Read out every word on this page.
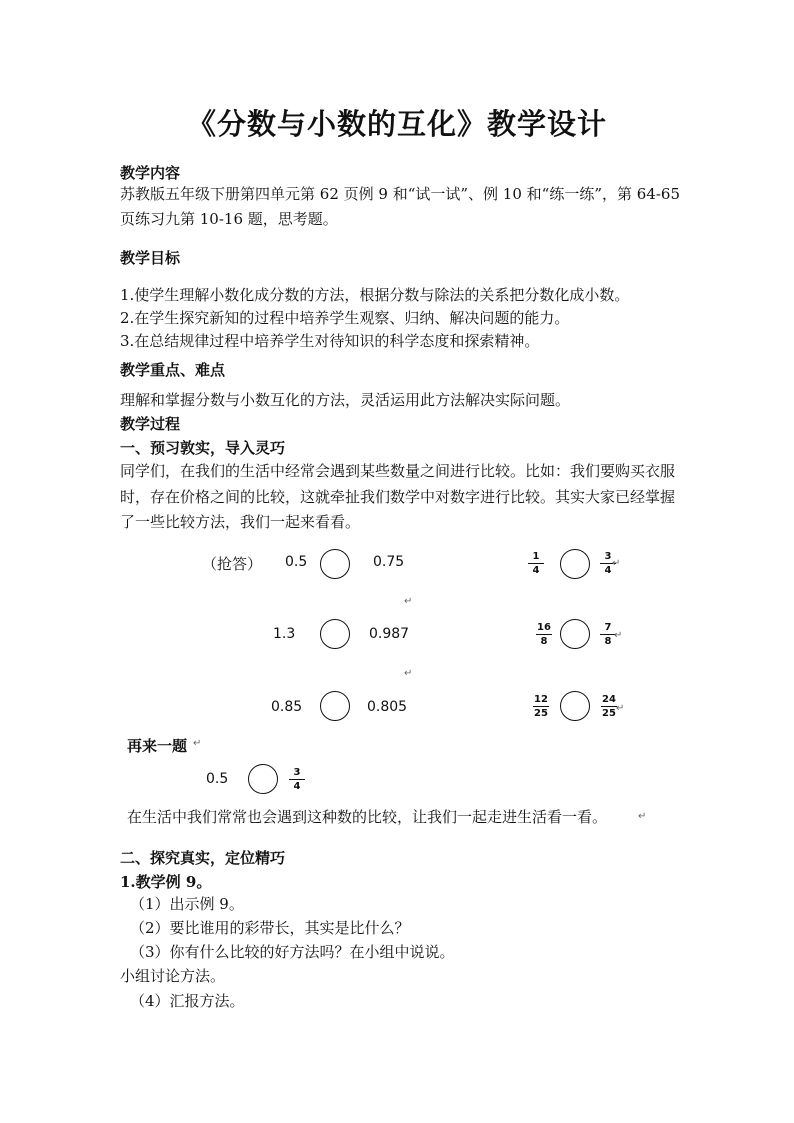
《分数与小数的互化》教学设计
教学内容
苏教版五年级下册第四单元第 62 页例 9 和“试一试”、例 10 和“练一练”，第 64-65 页练习九第 10-16 题，思考题。
教学目标
1.使学生理解小数化成分数的方法，根据分数与除法的关系把分数化成小数。
2.在学生探究新知的过程中培养学生观察、归纳、解决问题的能力。
3.在总结规律过程中培养学生对待知识的科学态度和探索精神。
教学重点、难点
理解和掌握分数与小数互化的方法，灵活运用此方法解决实际问题。
教学过程
一、预习敦实，导入灵巧
同学们，在我们的生活中经常会遇到某些数量之间进行比较。比如：我们要购买衣服时，存在价格之间的比较，这就牵扯我们数学中对数字进行比较。其实大家已经掌握了一些比较方法，我们一起来看看。
（抢答） 0.5	0.75	$\frac{1}{4}$	$\frac{3}{4}$
↵
↵
1.3	0.987	$\frac{16}{8}$	$\frac{7}{8}$
↵
↵
0.85	0.805	$\frac{12}{25}$	$\frac{24}{25}$ ↵
再来一题 ↵
0.5	$\frac{3}{4}$
在生活中我们常常也会遇到这种数的比较，让我们一起走进生活看一看。	↵
二、探究真实，定位精巧
1.教学例 9。
（1）出示例 9。
（2）要比谁用的彩带长，其实是比什么？
（3）你有什么比较的好方法吗？在小组中说说。
小组讨论方法。
（4）汇报方法。
